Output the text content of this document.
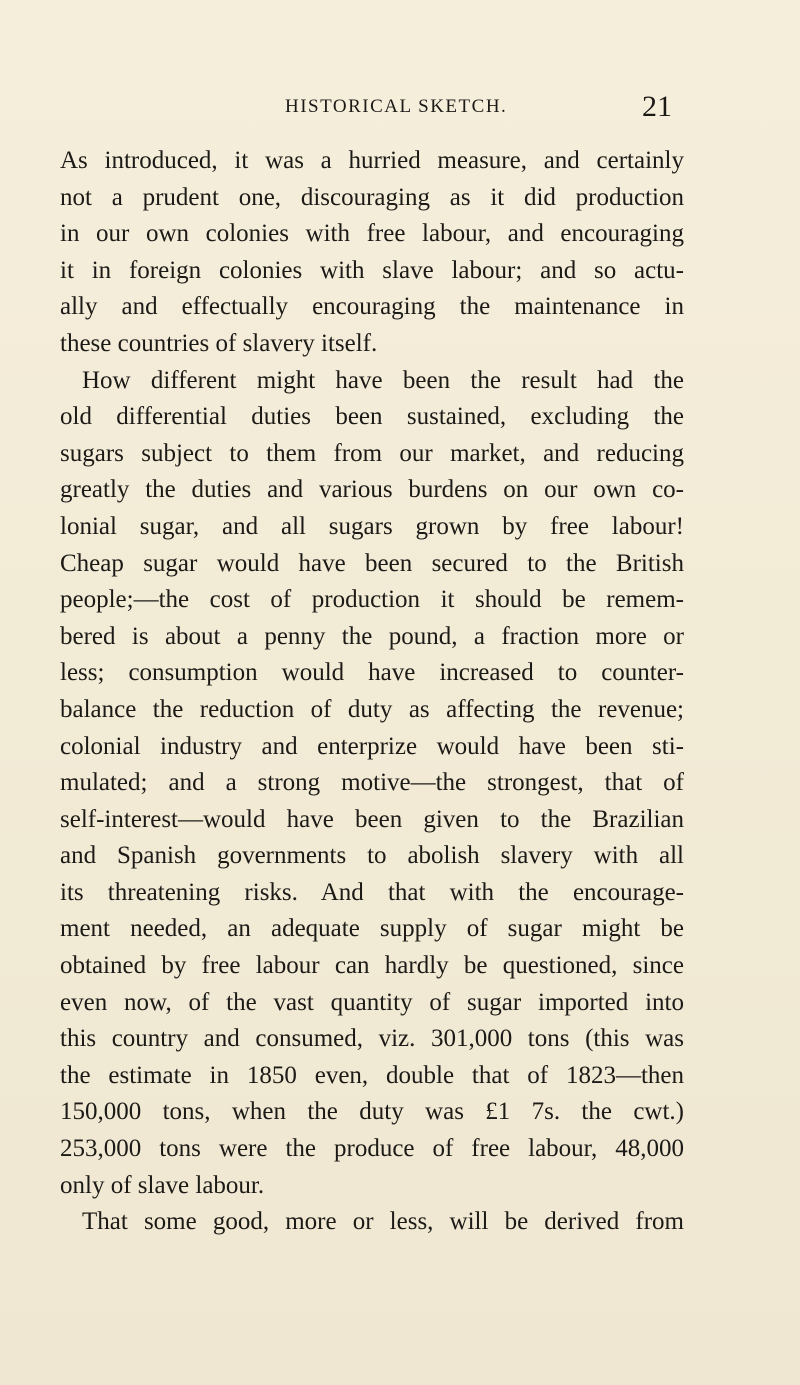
HISTORICAL SKETCH.	21
As introduced, it was a hurried measure, and certainly
not a prudent one, discouraging as it did production
in our own colonies with free labour, and encouraging
it in foreign colonies with slave labour; and so actu-
ally and effectually encouraging the maintenance in
these countries of slavery itself.
How different might have been the result had the
old differential duties been sustained, excluding the
sugars subject to them from our market, and reducing
greatly the duties and various burdens on our own co-
lonial sugar, and all sugars grown by free labour!
Cheap sugar would have been secured to the British
people;—the cost of production it should be remem-
bered is about a penny the pound, a fraction more or
less; consumption would have increased to counter-
balance the reduction of duty as affecting the revenue;
colonial industry and enterprize would have been sti-
mulated; and a strong motive—the strongest, that of
self-interest—would have been given to the Brazilian
and Spanish governments to abolish slavery with all
its threatening risks. And that with the encourage-
ment needed, an adequate supply of sugar might be
obtained by free labour can hardly be questioned, since
even now, of the vast quantity of sugar imported into
this country and consumed, viz. 301,000 tons (this was
the estimate in 1850 even, double that of 1823—then
150,000 tons, when the duty was £1 7s. the cwt.)
253,000 tons were the produce of free labour, 48,000
only of slave labour.
That some good, more or less, will be derived from
